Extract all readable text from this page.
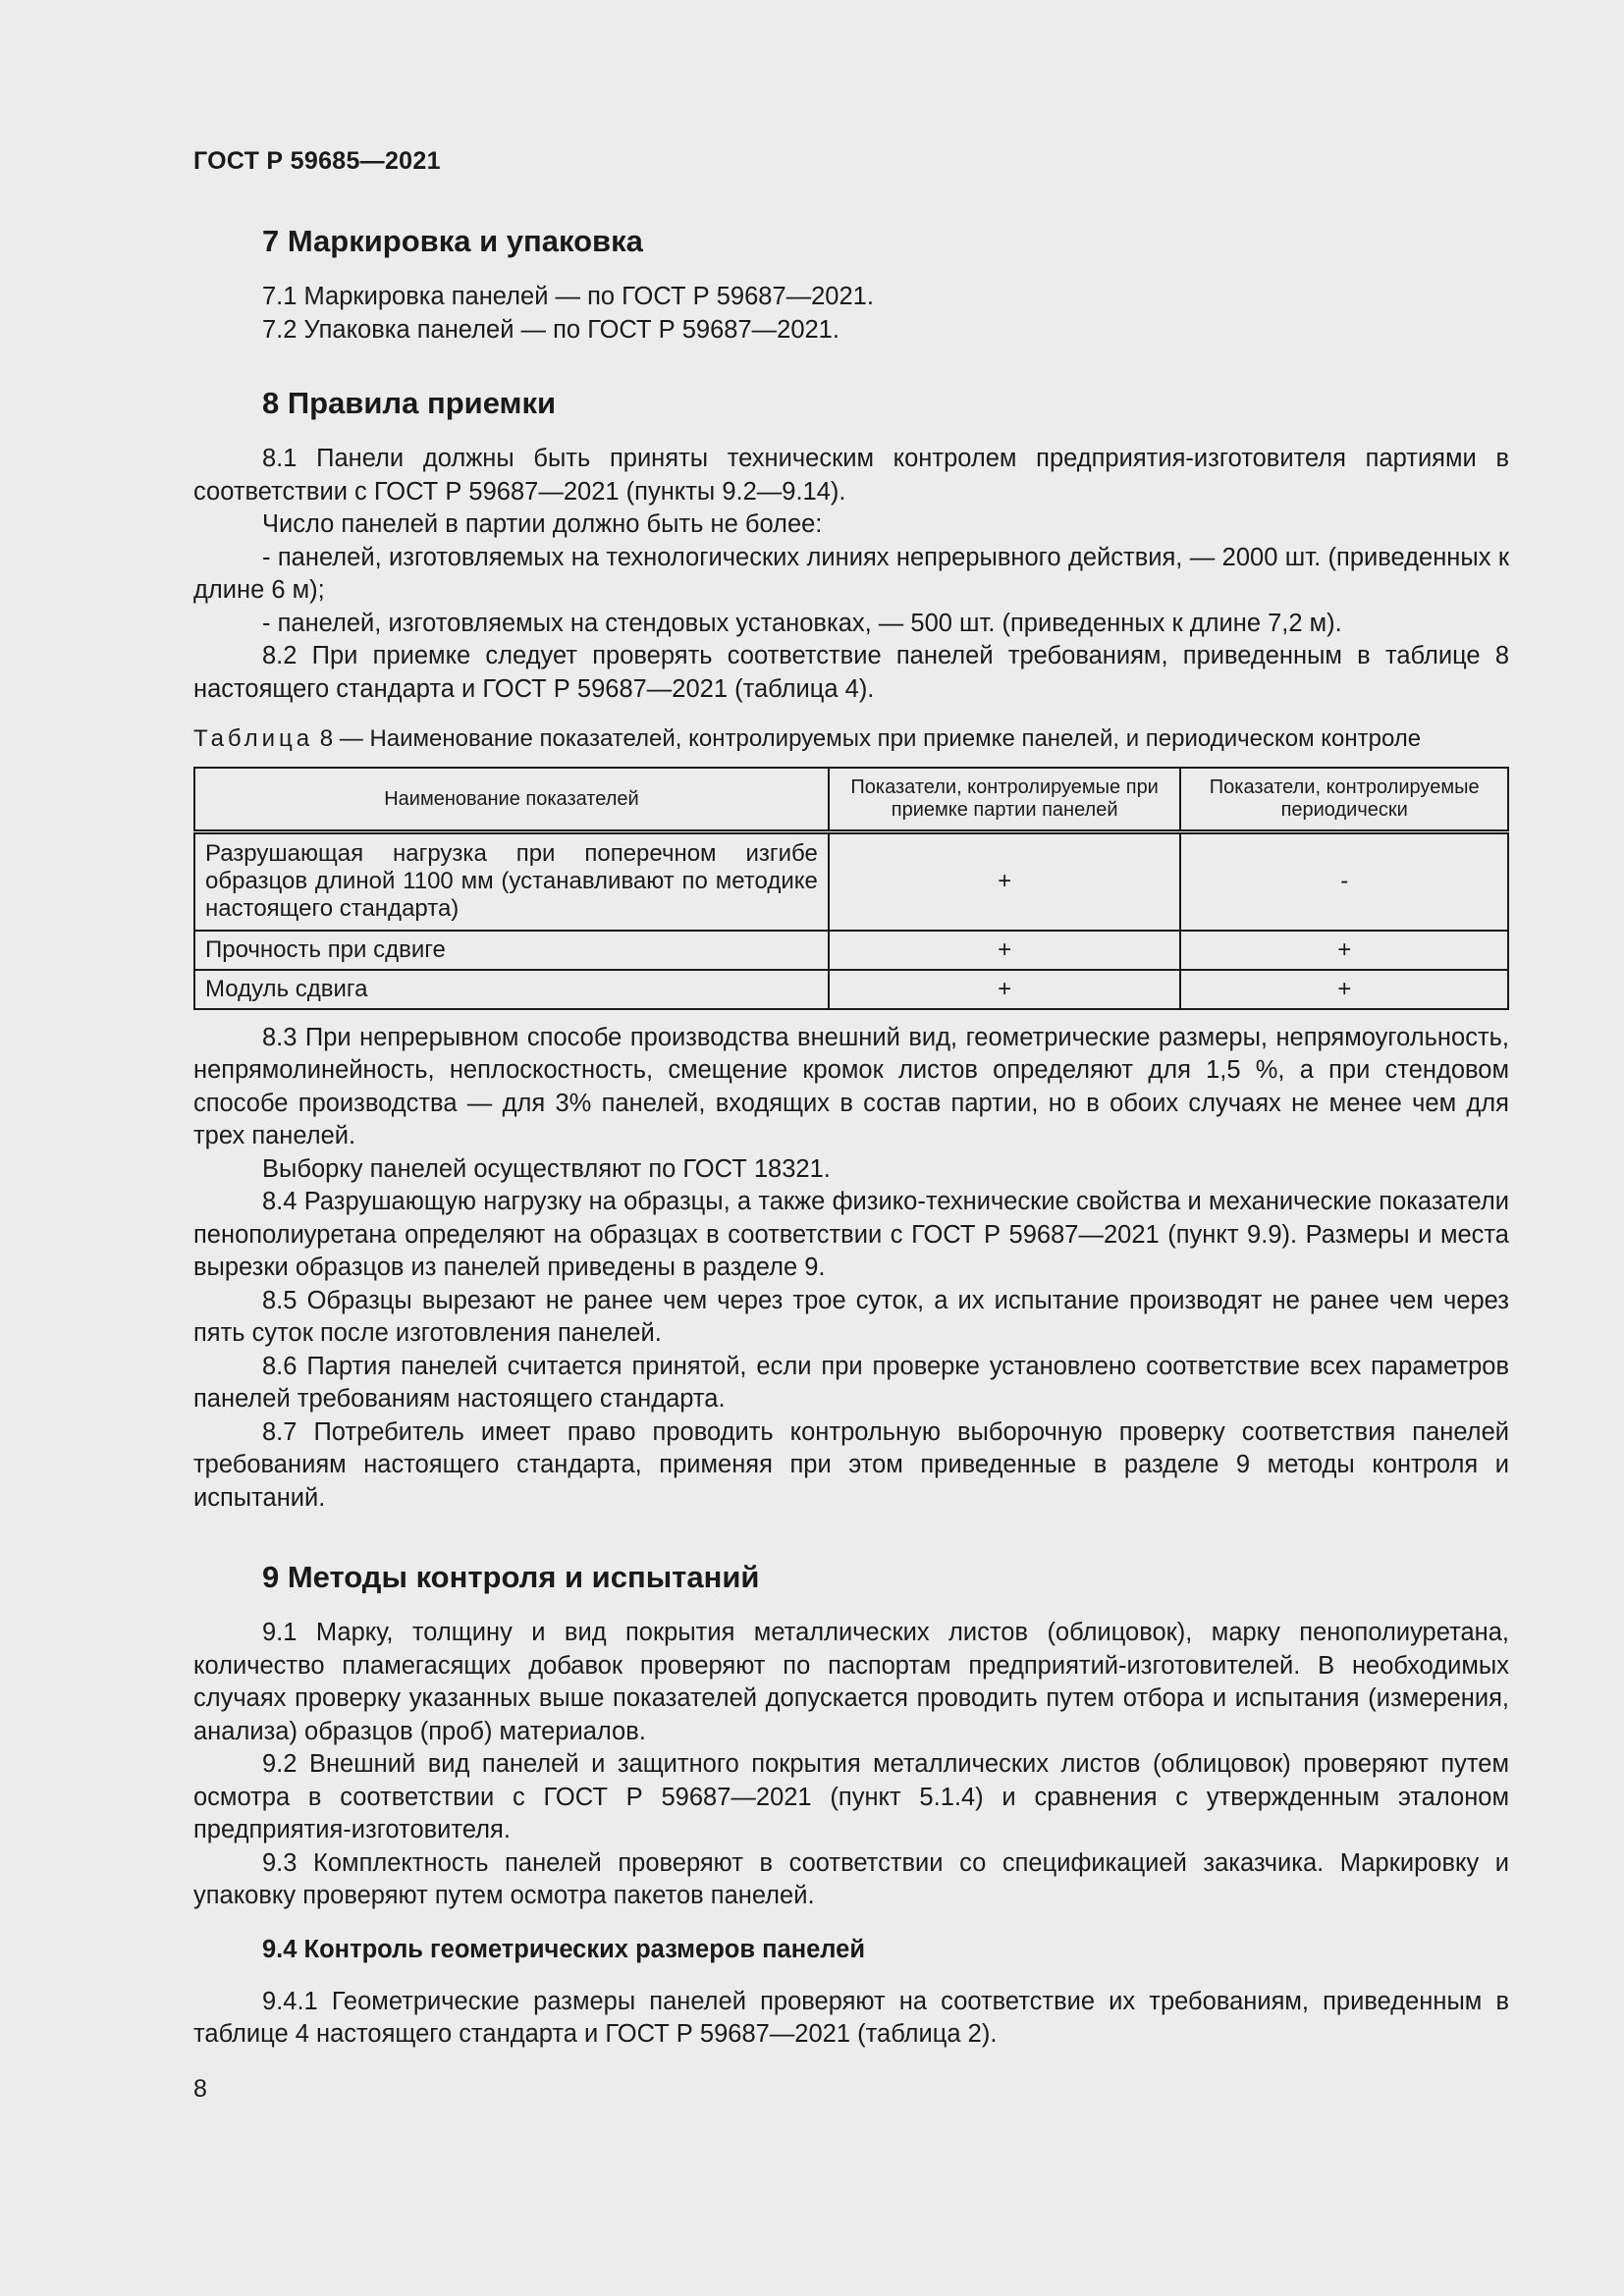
ГОСТ Р 59685—2021
7 Маркировка и упаковка

7.1 Маркировка панелей — по ГОСТ Р 59687—2021.

7.2 Упаковка панелей — по ГОСТ Р 59687—2021.

8 Правила приемки

8.1 Панели должны быть приняты техническим контролем предприятия-изготовителя партиями в соответствии с ГОСТ Р 59687—2021 (пункты 9.2—9.14).

Число панелей в партии должно быть не более:

- панелей, изготовляемых на технологических линиях непрерывного действия, — 2000 шт. (приведенных к длине 6 м);

- панелей, изготовляемых на стендовых установках, — 500 шт. (приведенных к длине 7,2 м).

8.2 При приемке следует проверять соответствие панелей требованиям, приведенным в таблице 8 настоящего стандарта и ГОСТ Р 59687—2021 (таблица 4).

Таблица 8 — Наименование показателей, контролируемых при приемке панелей, и периодическом контроле
Наименование показателей	Показатели, контролируемые при приемке партии панелей	Показатели, контролируемые периодически
Разрушающая нагрузка при поперечном изгибе образцов длиной 1100 мм (устанавливают по методике настоящего стандарта)	+	-
Прочность при сдвиге	+	+
Модуль сдвига	+	+

8.3 При непрерывном способе производства внешний вид, геометрические размеры, непрямоугольность, непрямолинейность, неплоскостность, смещение кромок листов определяют для 1,5 %, а при стендовом способе производства — для 3% панелей, входящих в состав партии, но в обоих случаях не менее чем для трех панелей.

Выборку панелей осуществляют по ГОСТ 18321.

8.4 Разрушающую нагрузку на образцы, а также физико-технические свойства и механические показатели пенополиуретана определяют на образцах в соответствии с ГОСТ Р 59687—2021 (пункт 9.9). Размеры и места вырезки образцов из панелей приведены в разделе 9.

8.5 Образцы вырезают не ранее чем через трое суток, а их испытание производят не ранее чем через пять суток после изготовления панелей.

8.6 Партия панелей считается принятой, если при проверке установлено соответствие всех параметров панелей требованиям настоящего стандарта.

8.7 Потребитель имеет право проводить контрольную выборочную проверку соответствия панелей требованиям настоящего стандарта, применяя при этом приведенные в разделе 9 методы контроля и испытаний.

9 Методы контроля и испытаний

9.1 Марку, толщину и вид покрытия металлических листов (облицовок), марку пенополиуретана, количество пламегасящих добавок проверяют по паспортам предприятий-изготовителей. В необходимых случаях проверку указанных выше показателей допускается проводить путем отбора и испытания (измерения, анализа) образцов (проб) материалов.

9.2 Внешний вид панелей и защитного покрытия металлических листов (облицовок) проверяют путем осмотра в соответствии с ГОСТ Р 59687—2021 (пункт 5.1.4) и сравнения с утвержденным эталоном предприятия-изготовителя.

9.3 Комплектность панелей проверяют в соответствии со спецификацией заказчика. Маркировку и упаковку проверяют путем осмотра пакетов панелей.

9.4 Контроль геометрических размеров панелей

9.4.1 Геометрические размеры панелей проверяют на соответствие их требованиям, приведенным в таблице 4 настоящего стандарта и ГОСТ Р 59687—2021 (таблица 2).

8
